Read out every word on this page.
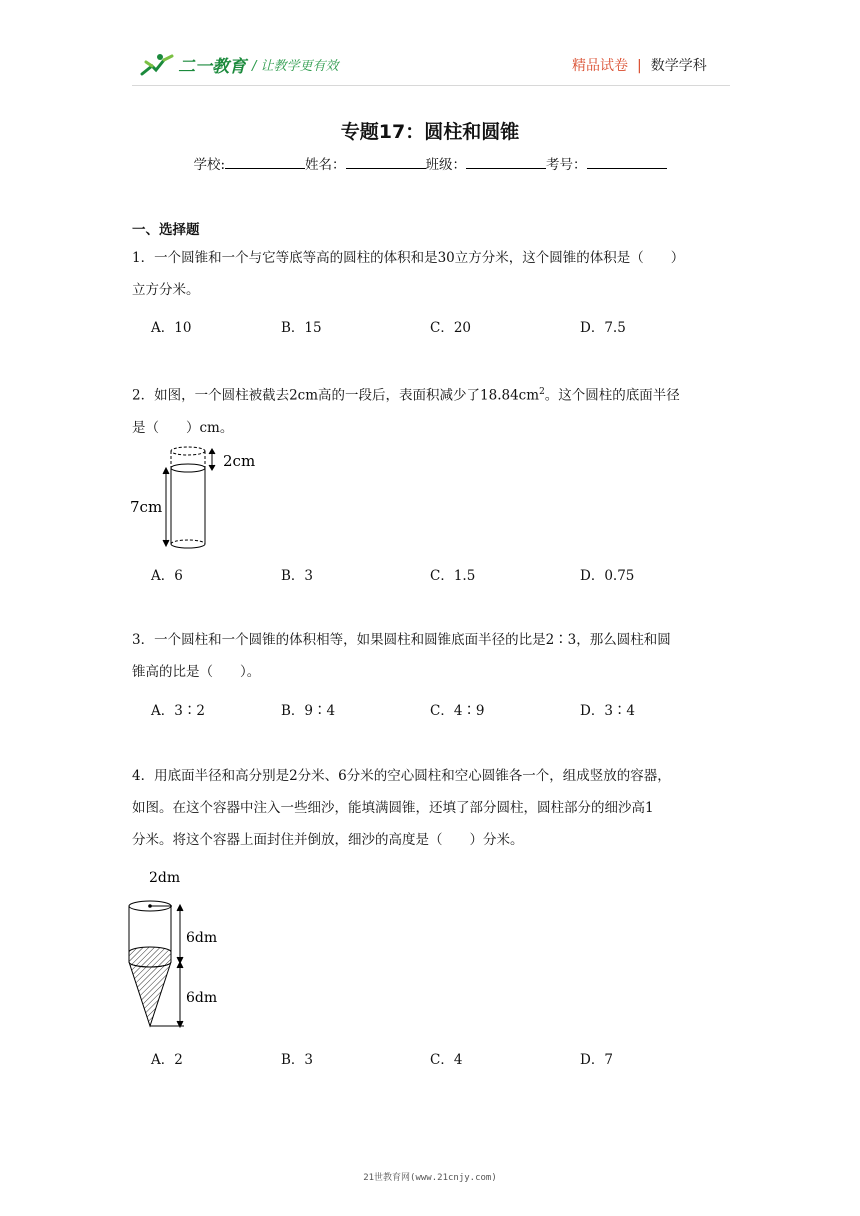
二一教育 / 让教学更有效	精品试卷 | 数学学科
专题17：圆柱和圆锥
学校:	姓名：	班级：	考号：
一、选择题
1．一个圆锥和一个与它等底等高的圆柱的体积和是30立方分米，这个圆锥的体积是（　　）
立方分米。
A．10	B．15	C．20	D．7.5
2．如图，一个圆柱被截去2cm高的一段后，表面积减少了$18.84cm^2$。这个圆柱的底面半径
是（　　）cm。
2cm
7cm
A．6	B．3	C．1.5	D．0.75
3．一个圆柱和一个圆锥的体积相等，如果圆柱和圆锥底面半径的比是2∶3，那么圆柱和圆
锥高的比是（　　）。
A．3∶2	B．9∶4	C．4∶9	D．3∶4
4．用底面半径和高分别是2分米、6分米的空心圆柱和空心圆锥各一个，组成竖放的容器，
如图。在这个容器中注入一些细沙，能填满圆锥，还填了部分圆柱，圆柱部分的细沙高1
分米。将这个容器上面封住并倒放，细沙的高度是（　　）分米。
2dm
6dm
6dm
A．2	B．3	C．4	D．7
21世教育网(www.21cnjy.com)
